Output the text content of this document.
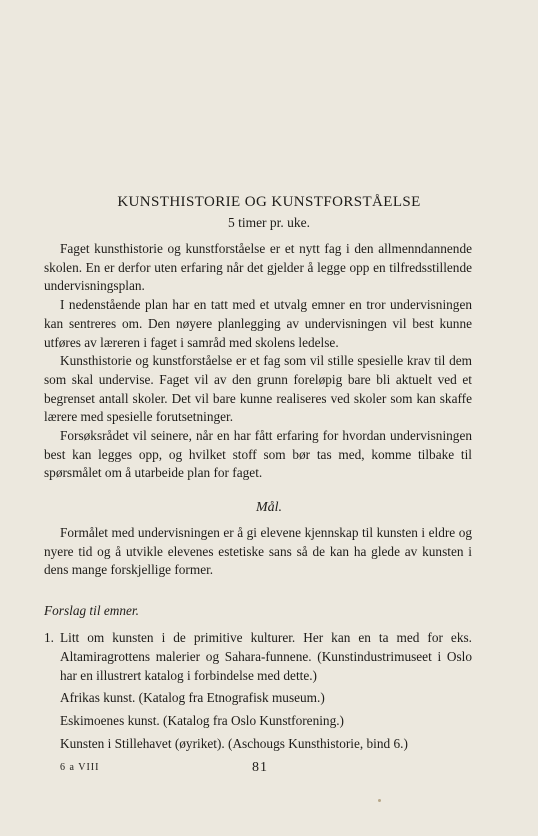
KUNSTHISTORIE OG KUNSTFORSTÅELSE
5 timer pr. uke.

Faget kunsthistorie og kunstforståelse er et nytt fag i den allmenndannende skolen. En er derfor uten erfaring når det gjelder å legge opp en tilfredsstillende undervisningsplan.

I nedenstående plan har en tatt med et utvalg emner en tror undervisningen kan sentreres om. Den nøyere planlegging av undervisningen vil best kunne utføres av læreren i faget i samråd med skolens ledelse.

Kunsthistorie og kunstforståelse er et fag som vil stille spesielle krav til dem som skal undervise. Faget vil av den grunn foreløpig bare bli aktuelt ved et begrenset antall skoler. Det vil bare kunne realiseres ved skoler som kan skaffe lærere med spesielle forutsetninger.

Forsøksrådet vil seinere, når en har fått erfaring for hvordan undervisningen best kan legges opp, og hvilket stoff som bør tas med, komme tilbake til spørsmålet om å utarbeide plan for faget.

Mål.

Formålet med undervisningen er å gi elevene kjennskap til kunsten i eldre og nyere tid og å utvikle elevenes estetiske sans så de kan ha glede av kunsten i dens mange forskjellige former.

Forslag til emner.
1. Litt om kunsten i de primitive kulturer. Her kan en ta med for eks. Altamiragrottens malerier og Sahara-funnene. (Kunstindustrimuseet i Oslo har en illustrert katalog i forbindelse med dette.)
Afrikas kunst. (Katalog fra Etnografisk museum.)
Eskimoenes kunst. (Katalog fra Oslo Kunstforening.)
Kunsten i Stillehavet (øyriket). (Aschougs Kunsthistorie, bind 6.)
6 a VIII	81
